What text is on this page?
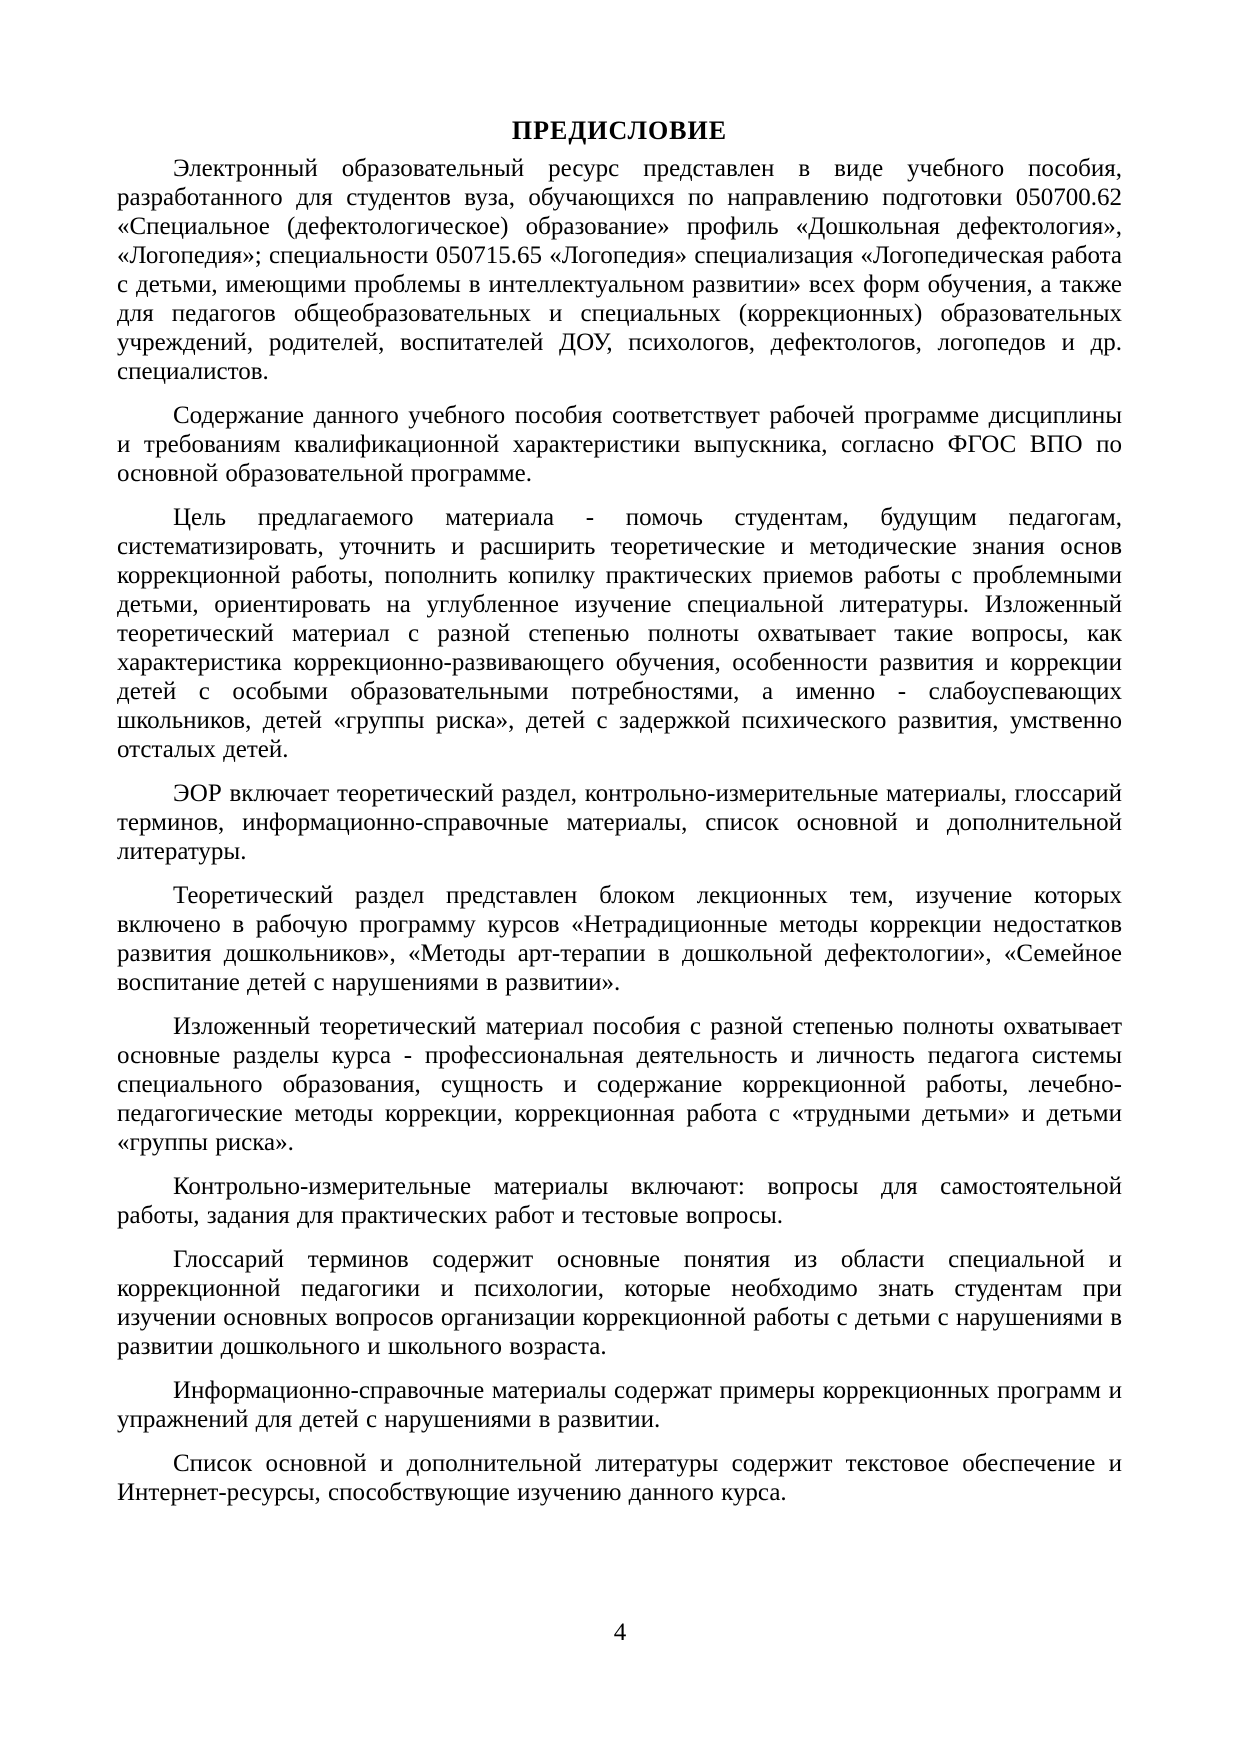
ПРЕДИСЛОВИЕ

Электронный образовательный ресурс представлен в виде учебного пособия, разработанного для студентов вуза, обучающихся по направлению подготовки 050700.62 «Специальное (дефектологическое) образование» профиль «Дошкольная дефектология», «Логопедия»; специальности 050715.65 «Логопедия» специализация «Логопедическая работа с детьми, имеющими проблемы в интеллектуальном развитии» всех форм обучения, а также для педагогов общеобразовательных и специальных (коррекционных) образовательных учреждений, родителей, воспитателей ДОУ, психологов, дефектологов, логопедов и др. специалистов.

Содержание данного учебного пособия соответствует рабочей программе дисциплины и требованиям квалификационной характеристики выпускника, согласно ФГОС ВПО по основной образовательной программе.

Цель предлагаемого материала - помочь студентам, будущим педагогам, систематизировать, уточнить и расширить теоретические и методические знания основ коррекционной работы, пополнить копилку практических приемов работы с проблемными детьми, ориентировать на углубленное изучение специальной литературы. Изложенный теоретический материал с разной степенью полноты охватывает такие вопросы, как характеристика коррекционно-развивающего обучения, особенности развития и коррекции детей с особыми образовательными потребностями, а именно - слабоуспевающих школьников, детей «группы риска», детей с задержкой психического развития, умственно отсталых детей.

ЭОР включает теоретический раздел, контрольно-измерительные материалы, глоссарий терминов, информационно-справочные материалы, список основной и дополнительной литературы.

Теоретический раздел представлен блоком лекционных тем, изучение которых включено в рабочую программу курсов «Нетрадиционные методы коррекции недостатков развития дошкольников», «Методы арт-терапии в дошкольной дефектологии», «Семейное воспитание детей с нарушениями в развитии».

Изложенный теоретический материал пособия с разной степенью полноты охватывает основные разделы курса - профессиональная деятельность и личность педагога системы специального образования, сущность и содержание коррекционной работы, лечебно-педагогические методы коррекции, коррекционная работа с «трудными детьми» и детьми «группы риска».

Контрольно-измерительные материалы включают: вопросы для самостоятельной работы, задания для практических работ и тестовые вопросы.

Глоссарий терминов содержит основные понятия из области специальной и коррекционной педагогики и психологии, которые необходимо знать студентам при изучении основных вопросов организации коррекционной работы с детьми с нарушениями в развитии дошкольного и школьного возраста.

Информационно-справочные материалы содержат примеры коррекционных программ и упражнений для детей с нарушениями в развитии.

Список основной и дополнительной литературы содержит текстовое обеспечение и Интернет-ресурсы, способствующие изучению данного курса.

4
